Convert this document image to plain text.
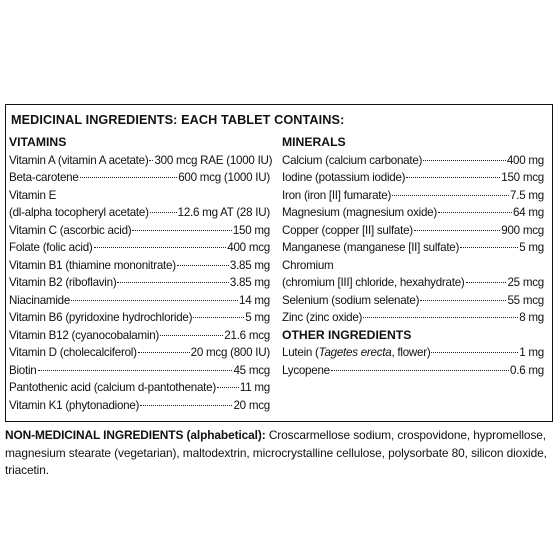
MEDICINAL INGREDIENTS: EACH TABLET CONTAINS:
VITAMINS
Vitamin A (vitamin A acetate) 300 mcg RAE (1000 IU)
Beta-carotene	600 mcg (1000 IU)
Vitamin E
(dl-alpha tocopheryl acetate) 12.6 mg AT (28 IU)
Vitamin C (ascorbic acid)	150 mg
Folate (folic acid)	400 mcg
Vitamin B1 (thiamine mononitrate)	3.85 mg
Vitamin B2 (riboflavin)	3.85 mg
Niacinamide	14 mg
Vitamin B6 (pyridoxine hydrochloride)	5 mg
Vitamin B12 (cyanocobalamin)	21.6 mcg
Vitamin D (cholecalciferol)	20 mcg (800 IU)
Biotin	45 mcg
Pantothenic acid (calcium d-pantothenate) 11 mg
Vitamin K1 (phytonadione)	20 mcg
MINERALS
Calcium (calcium carbonate)	400 mg
Iodine (potassium iodide)	150 mcg
Iron (iron [II] fumarate)	7.5 mg
Magnesium (magnesium oxide)	64 mg
Copper (copper [II] sulfate)	900 mcg
Manganese (manganese [II] sulfate)	5 mg
Chromium
(chromium [III] chloride, hexahydrate)	25 mcg
Selenium (sodium selenate)	55 mcg
Zinc (zinc oxide)	8 mg
OTHER INGREDIENTS
Lutein (Tagetes erecta, flower)	1 mg
Lycopene	0.6 mg
NON-MEDICINAL INGREDIENTS (alphabetical): Croscarmellose sodium, crospovidone, hypromellose, magnesium stearate (vegetarian), maltodextrin, microcrystalline cellulose, polysorbate 80, silicon dioxide, triacetin.
